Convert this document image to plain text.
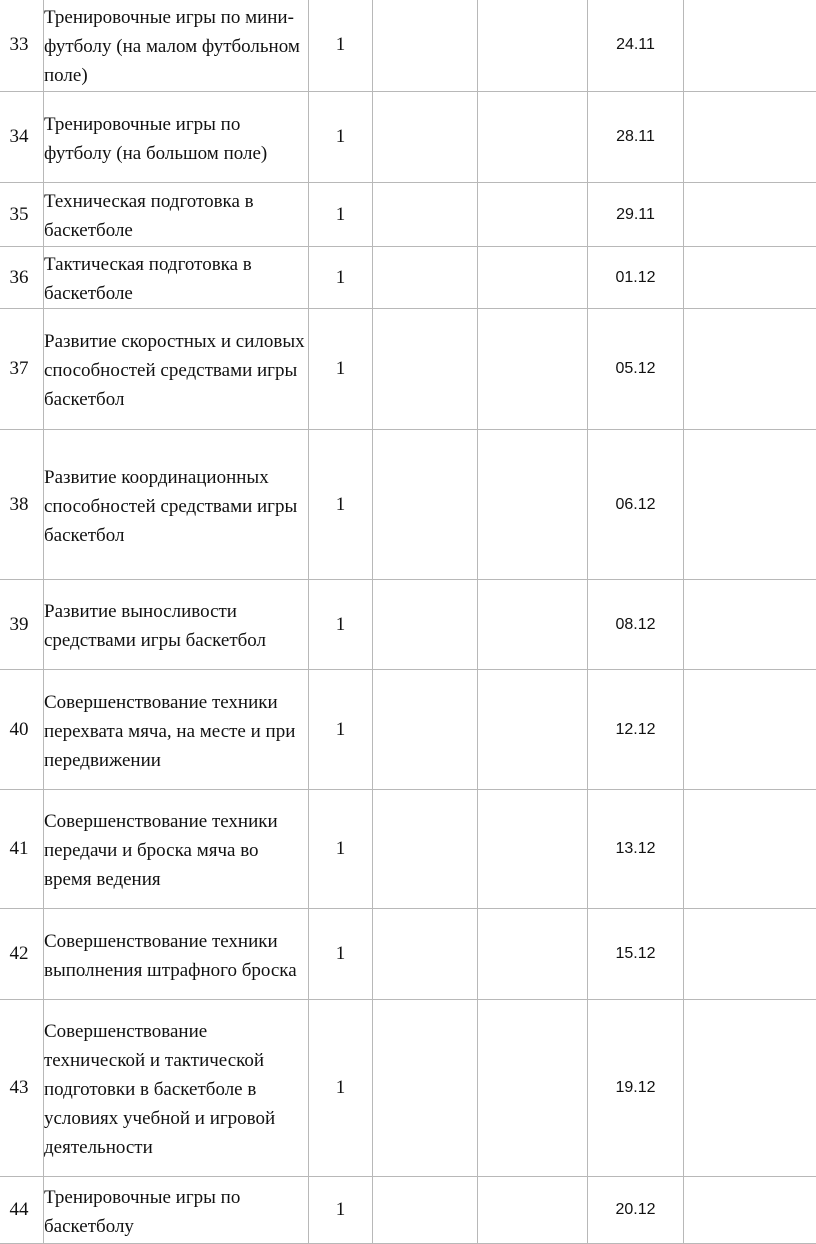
33	Тренировочные игры по мини-футболу (на малом футбольном поле)	1			24.11	
34	Тренировочные игры по футболу (на большом поле)	1			28.11	
35	Техническая подготовка в баскетболе	1			29.11	
36	Тактическая подготовка в баскетболе	1			01.12	
37	Развитие скоростных и силовых способностей средствами игры баскетбол	1			05.12	
38	Развитие координационных способностей средствами игры баскетбол	1			06.12	
39	Развитие выносливости средствами игры баскетбол	1			08.12	
40	Совершенствование техники перехвата мяча, на месте и при передвижении	1			12.12	
41	Совершенствование техники передачи и броска мяча во время ведения	1			13.12	
42	Совершенствование техники выполнения штрафного броска	1			15.12	
43	Совершенствование технической и тактической подготовки в баскетболе в условиях учебной и игровой деятельности	1			19.12	
44	Тренировочные игры по баскетболу	1			20.12	
